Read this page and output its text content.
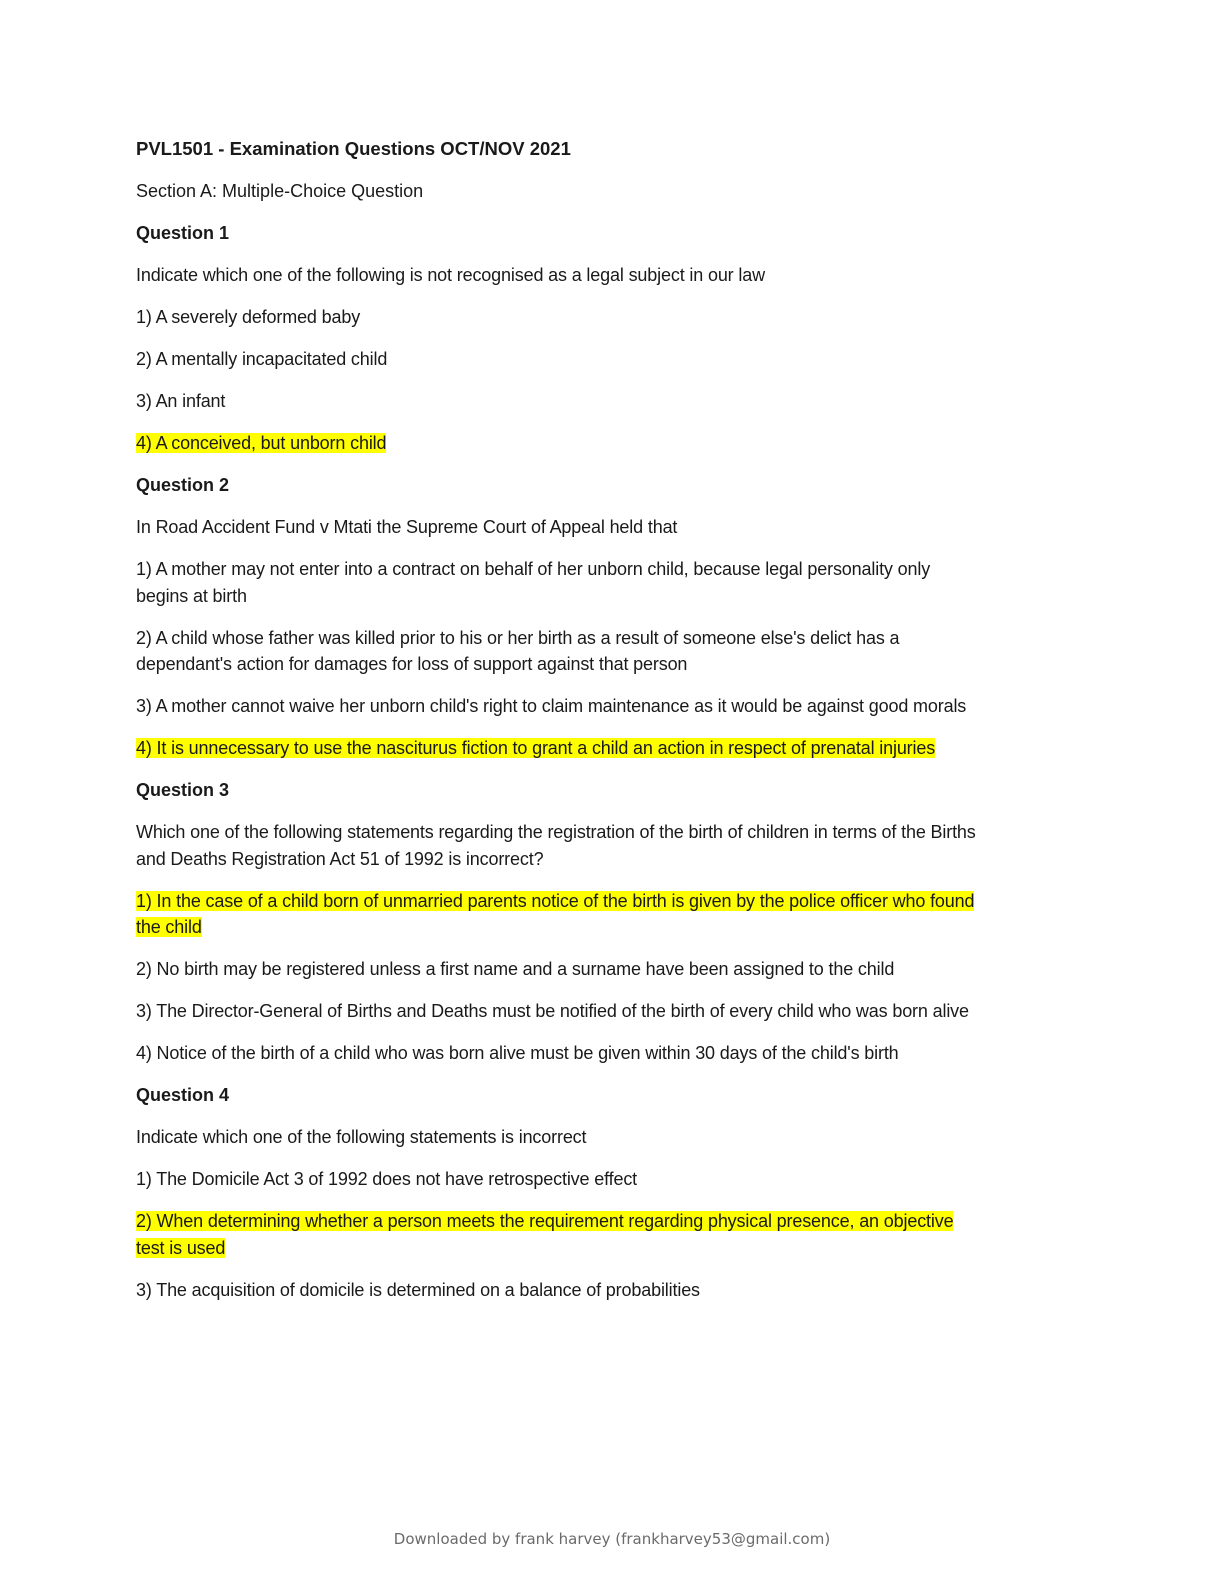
PVL1501 - Examination Questions OCT/NOV 2021
Section A: Multiple-Choice Question
Question 1
Indicate which one of the following is not recognised as a legal subject in our law
1) A severely deformed baby
2) A mentally incapacitated child
3) An infant
4) A conceived, but unborn child
Question 2
In Road Accident Fund v Mtati the Supreme Court of Appeal held that
1) A mother may not enter into a contract on behalf of her unborn child, because legal personality only begins at birth
2) A child whose father was killed prior to his or her birth as a result of someone else's delict has a dependant's action for damages for loss of support against that person
3) A mother cannot waive her unborn child's right to claim maintenance as it would be against good morals
4) It is unnecessary to use the nasciturus fiction to grant a child an action in respect of prenatal injuries
Question 3
Which one of the following statements regarding the registration of the birth of children in terms of the Births and Deaths Registration Act 51 of 1992 is incorrect?
1) In the case of a child born of unmarried parents notice of the birth is given by the police officer who found the child
2) No birth may be registered unless a first name and a surname have been assigned to the child
3) The Director-General of Births and Deaths must be notified of the birth of every child who was born alive
4) Notice of the birth of a child who was born alive must be given within 30 days of the child's birth
Question 4
Indicate which one of the following statements is incorrect
1) The Domicile Act 3 of 1992 does not have retrospective effect
2) When determining whether a person meets the requirement regarding physical presence, an objective test is used
3) The acquisition of domicile is determined on a balance of probabilities
Downloaded by frank harvey (frankharvey53@gmail.com)
